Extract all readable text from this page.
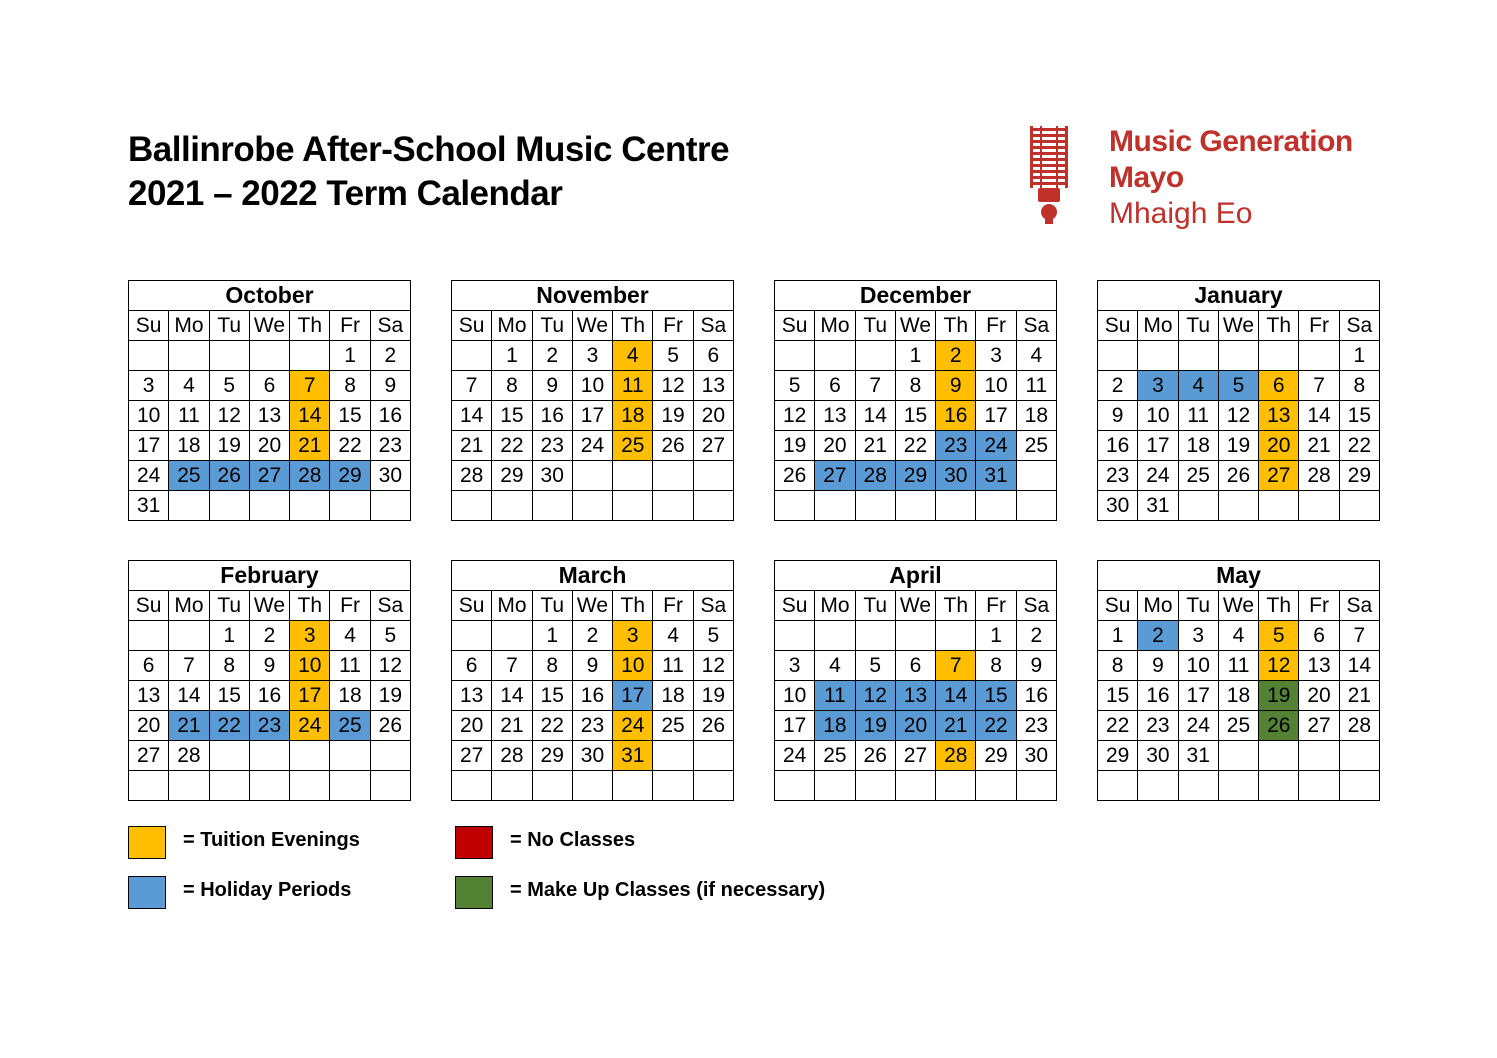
Ballinrobe After-School Music Centre
2021 – 2022 Term Calendar
Music Generation
Mayo
Mhaigh Eo
October						
Su	Mo	Tu	We	Th	Fr	Sa
					1	2
3	4	5	6	7	8	9
10	11	12	13	14	15	16
17	18	19	20	21	22	23
24	25	26	27	28	29	30
31						
November						
Su	Mo	Tu	We	Th	Fr	Sa
	1	2	3	4	5	6
7	8	9	10	11	12	13
14	15	16	17	18	19	20
21	22	23	24	25	26	27
28	29	30				

December						
Su	Mo	Tu	We	Th	Fr	Sa
			1	2	3	4
5	6	7	8	9	10	11
12	13	14	15	16	17	18
19	20	21	22	23	24	25
26	27	28	29	30	31	

January						
Su	Mo	Tu	We	Th	Fr	Sa
						1
2	3	4	5	6	7	8
9	10	11	12	13	14	15
16	17	18	19	20	21	22
23	24	25	26	27	28	29
30	31					
February						
Su	Mo	Tu	We	Th	Fr	Sa
		1	2	3	4	5
6	7	8	9	10	11	12
13	14	15	16	17	18	19
20	21	22	23	24	25	26
27	28					

March						
Su	Mo	Tu	We	Th	Fr	Sa
		1	2	3	4	5
6	7	8	9	10	11	12
13	14	15	16	17	18	19
20	21	22	23	24	25	26
27	28	29	30	31		

April						
Su	Mo	Tu	We	Th	Fr	Sa
					1	2
3	4	5	6	7	8	9
10	11	12	13	14	15	16
17	18	19	20	21	22	23
24	25	26	27	28	29	30

May						
Su	Mo	Tu	We	Th	Fr	Sa
1	2	3	4	5	6	7
8	9	10	11	12	13	14
15	16	17	18	19	20	21
22	23	24	25	26	27	28
29	30	31				

= Tuition Evenings
= Holiday Periods
= No Classes
= Make Up Classes (if necessary)
